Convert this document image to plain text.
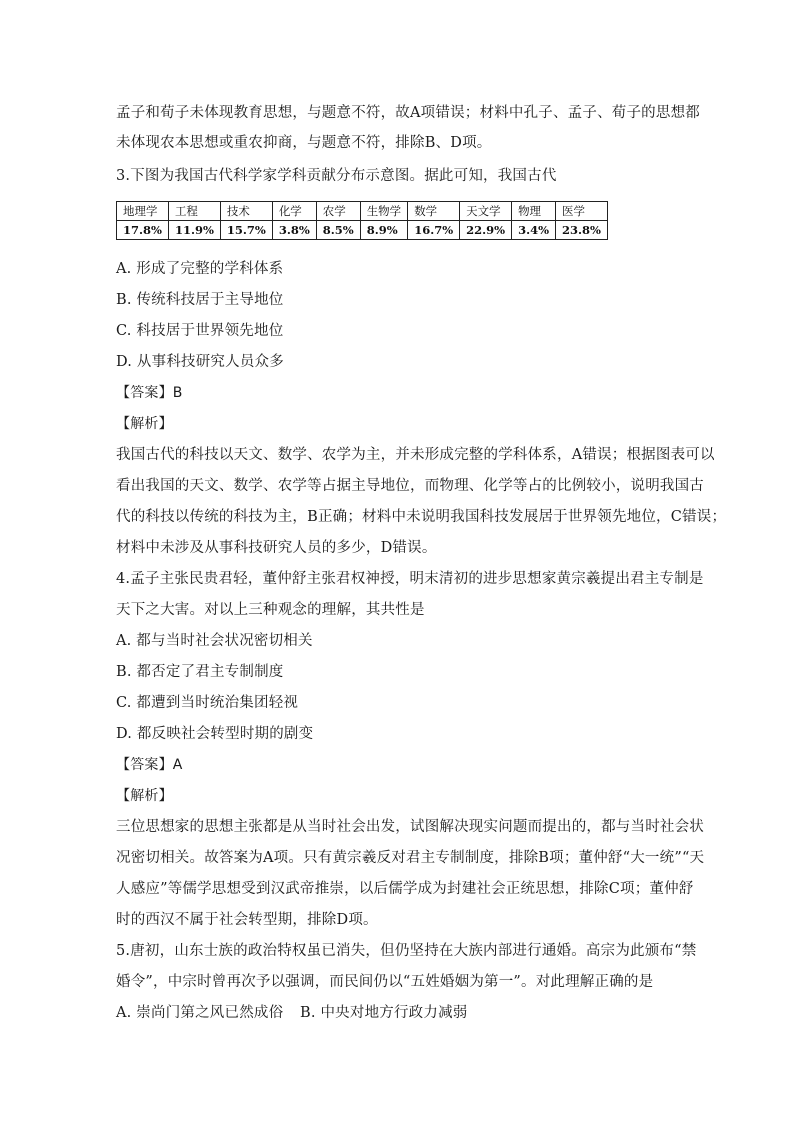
孟子和荀子未体现教育思想，与题意不符，故A项错误；材料中孔子、孟子、荀子的思想都
未体现农本思想或重农抑商，与题意不符，排除B、D项。
3.下图为我国古代科学家学科贡献分布示意图。据此可知，我国古代
地理学	工程	技术	化学	农学	生物学	数学	天文学	物理	医学
17.8%	11.9%	15.7%	3.8%	8.5%	8.9%	16.7%	22.9%	3.4%	23.8%
A. 形成了完整的学科体系
B. 传统科技居于主导地位
C. 科技居于世界领先地位
D. 从事科技研究人员众多
【答案】B
【解析】
我国古代的科技以天文、数学、农学为主，并未形成完整的学科体系，A错误；根据图表可以
看出我国的天文、数学、农学等占据主导地位，而物理、化学等占的比例较小，说明我国古
代的科技以传统的科技为主，B正确；材料中未说明我国科技发展居于世界领先地位，C错误；
材料中未涉及从事科技研究人员的多少，D错误。
4.孟子主张民贵君轻，董仲舒主张君权神授，明末清初的进步思想家黄宗羲提出君主专制是
天下之大害。对以上三种观念的理解，其共性是
A. 都与当时社会状况密切相关
B. 都否定了君主专制制度
C. 都遭到当时统治集团轻视
D. 都反映社会转型时期的剧变
【答案】A
【解析】
三位思想家的思想主张都是从当时社会出发，试图解决现实问题而提出的，都与当时社会状
况密切相关。故答案为A项。只有黄宗羲反对君主专制制度，排除B项；董仲舒“大一统”“天
人感应”等儒学思想受到汉武帝推崇，以后儒学成为封建社会正统思想，排除C项；董仲舒
时的西汉不属于社会转型期，排除D项。
5.唐初，山东士族的政治特权虽已消失，但仍坚持在大族内部进行通婚。高宗为此颁布“禁
婚令”，中宗时曾再次予以强调，而民间仍以“五姓婚姻为第一”。对此理解正确的是
A. 崇尚门第之风已然成俗 B. 中央对地方行政力减弱
